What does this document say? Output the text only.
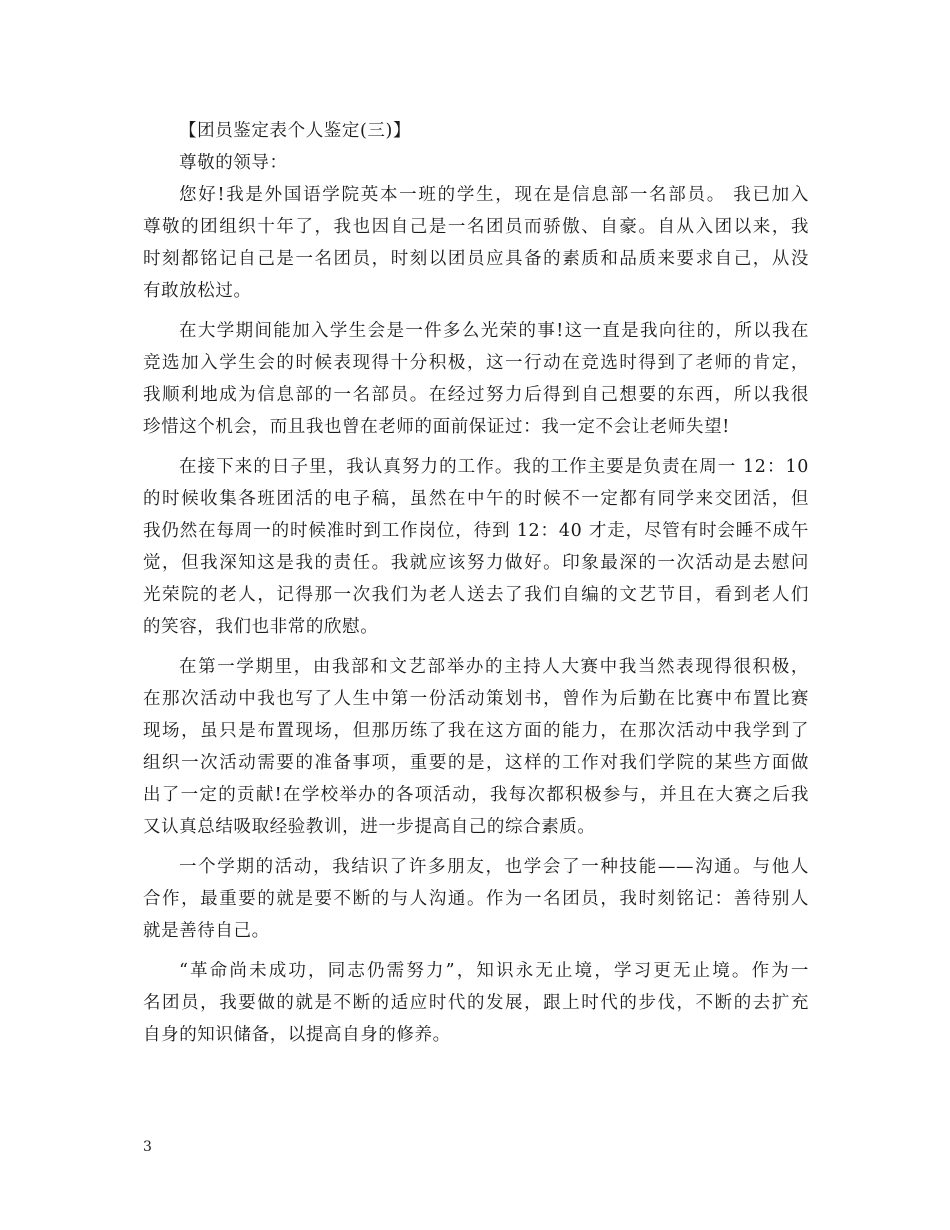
【团员鉴定表个人鉴定(三)】
尊敬的领导：
您好!我是外国语学院英本一班的学生，现在是信息部一名部员。 我已加入
尊敬的团组织十年了，我也因自己是一名团员而骄傲、自豪。自从入团以来，我
时刻都铭记自己是一名团员，时刻以团员应具备的素质和品质来要求自己，从没
有敢放松过。
在大学期间能加入学生会是一件多么光荣的事!这一直是我向往的，所以我在
竞选加入学生会的时候表现得十分积极，这一行动在竞选时得到了老师的肯定，
我顺利地成为信息部的一名部员。在经过努力后得到自己想要的东西，所以我很
珍惜这个机会，而且我也曾在老师的面前保证过：我一定不会让老师失望!
在接下来的日子里，我认真努力的工作。我的工作主要是负责在周一 12：10
的时候收集各班团活的电子稿，虽然在中午的时候不一定都有同学来交团活，但
我仍然在每周一的时候准时到工作岗位，待到 12：40 才走，尽管有时会睡不成午
觉，但我深知这是我的责任。我就应该努力做好。印象最深的一次活动是去慰问
光荣院的老人，记得那一次我们为老人送去了我们自编的文艺节目，看到老人们
的笑容，我们也非常的欣慰。
在第一学期里，由我部和文艺部举办的主持人大赛中我当然表现得很积极，
在那次活动中我也写了人生中第一份活动策划书，曾作为后勤在比赛中布置比赛
现场，虽只是布置现场，但那历练了我在这方面的能力，在那次活动中我学到了
组织一次活动需要的准备事项，重要的是，这样的工作对我们学院的某些方面做
出了一定的贡献!在学校举办的各项活动，我每次都积极参与，并且在大赛之后我
又认真总结吸取经验教训，进一步提高自己的综合素质。
一个学期的活动，我结识了许多朋友，也学会了一种技能——沟通。与他人
合作，最重要的就是要不断的与人沟通。作为一名团员，我时刻铭记：善待别人
就是善待自己。
“革命尚未成功，同志仍需努力”，知识永无止境，学习更无止境。作为一
名团员，我要做的就是不断的适应时代的发展，跟上时代的步伐，不断的去扩充
自身的知识储备，以提高自身的修养。
3
